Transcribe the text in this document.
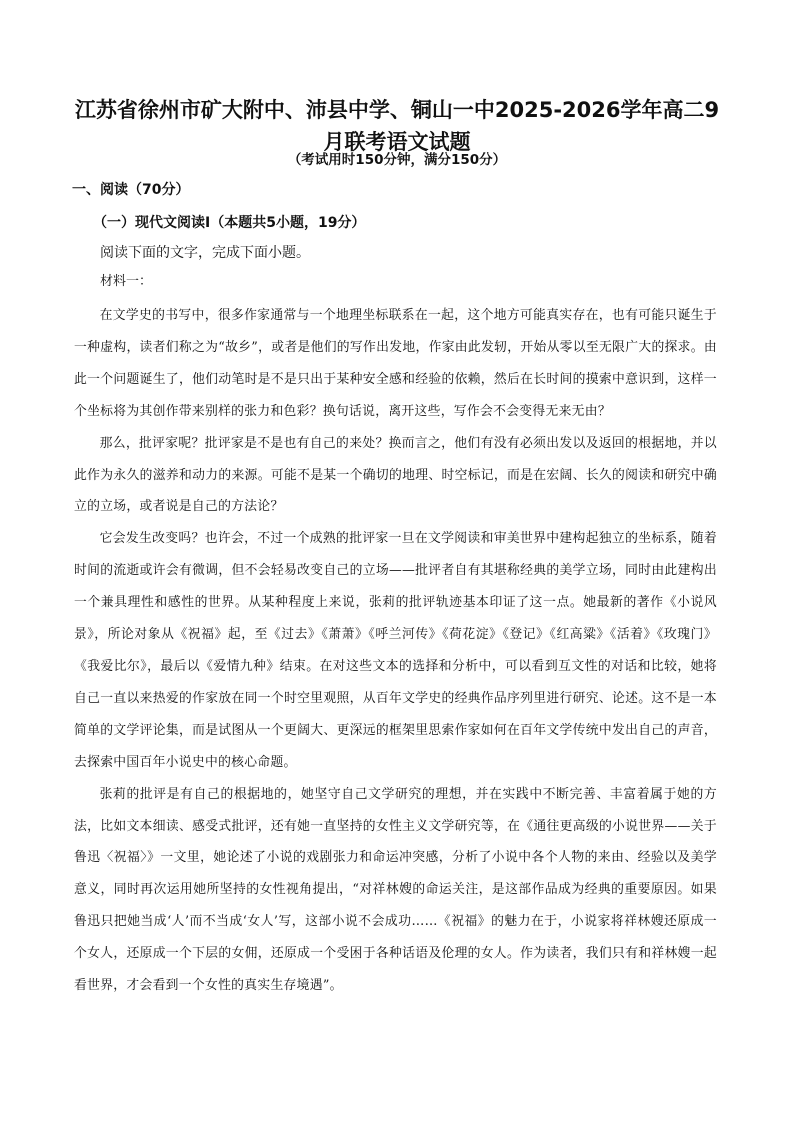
江苏省徐州市矿大附中、沛县中学、铜山一中2025-2026学年高二9
月联考语文试题
（考试用时150分钟，满分150分）
一、阅读（70分）
（一）现代文阅读Ⅰ（本题共5小题，19分）
阅读下面的文字，完成下面小题。
材料一：

在文学史的书写中，很多作家通常与一个地理坐标联系在一起，这个地方可能真实存在，也有可能只诞生于一种虚构，读者们称之为“故乡”，或者是他们的写作出发地，作家由此发轫，开始从零以至无限广大的探求。由此一个问题诞生了，他们动笔时是不是只出于某种安全感和经验的依赖，然后在长时间的摸索中意识到，这样一个坐标将为其创作带来别样的张力和色彩？换句话说，离开这些，写作会不会变得无来无由？

那么，批评家呢？批评家是不是也有自己的来处？换而言之，他们有没有必须出发以及返回的根据地，并以此作为永久的滋养和动力的来源。可能不是某一个确切的地理、时空标记，而是在宏阔、长久的阅读和研究中确立的立场，或者说是自己的方法论？

它会发生改变吗？也许会，不过一个成熟的批评家一旦在文学阅读和审美世界中建构起独立的坐标系，随着时间的流逝或许会有微调，但不会轻易改变自己的立场——批评者自有其堪称经典的美学立场，同时由此建构出一个兼具理性和感性的世界。从某种程度上来说，张莉的批评轨迹基本印证了这一点。她最新的著作《小说风景》，所论对象从《祝福》起，至《过去》《萧萧》《呼兰河传》《荷花淀》《登记》《红高粱》《活着》《玫瑰门》《我爱比尔》，最后以《爱情九种》结束。在对这些文本的选择和分析中，可以看到互文性的对话和比较，她将自己一直以来热爱的作家放在同一个时空里观照，从百年文学史的经典作品序列里进行研究、论述。这不是一本简单的文学评论集，而是试图从一个更阔大、更深远的框架里思索作家如何在百年文学传统中发出自己的声音，去探索中国百年小说史中的核心命题。

张莉的批评是有自己的根据地的，她坚守自己文学研究的理想，并在实践中不断完善、丰富着属于她的方法，比如文本细读、感受式批评，还有她一直坚持的女性主义文学研究等，在《通往更高级的小说世界——关于鲁迅〈祝福〉》一文里，她论述了小说的戏剧张力和命运冲突感，分析了小说中各个人物的来由、经验以及美学意义，同时再次运用她所坚持的女性视角提出，“对祥林嫂的命运关注，是这部作品成为经典的重要原因。如果鲁迅只把她当成‘人’而不当成‘女人’写，这部小说不会成功……《祝福》的魅力在于，小说家将祥林嫂还原成一个女人，还原成一个下层的女佣，还原成一个受困于各种话语及伦理的女人。作为读者，我们只有和祥林嫂一起看世界，才会看到一个女性的真实生存境遇”。
